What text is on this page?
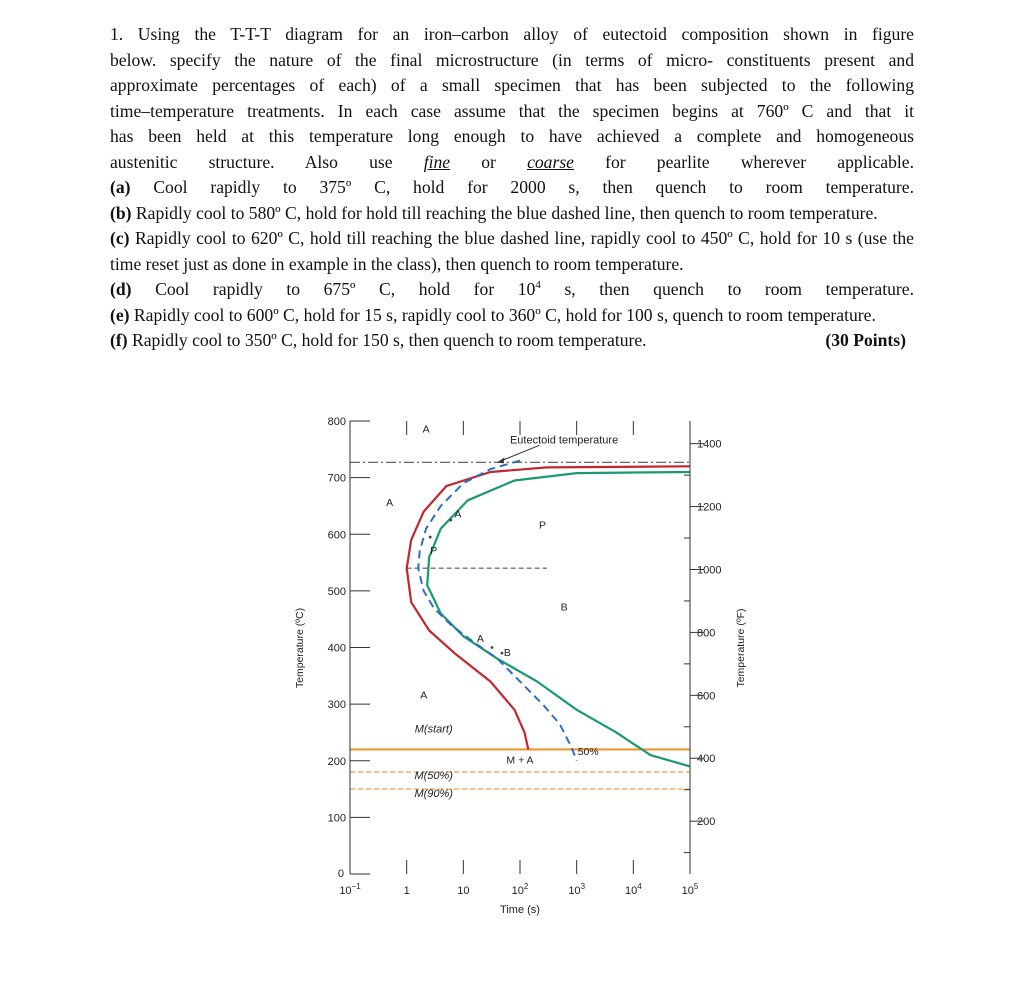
1. Using the T-T-T diagram for an iron–carbon alloy of eutectoid composition shown in figure

below. specify the nature of the final microstructure (in terms of micro- constituents present and

approximate percentages of each) of a small specimen that has been subjected to the following

time–temperature treatments. In each case assume that the specimen begins at 760º C and that it

has been held at this temperature long enough to have achieved a complete and homogeneous

austenitic structure. Also use fine or coarse for pearlite wherever applicable.

(a) Cool rapidly to 375º C, hold for 2000 s, then quench to room temperature.

(b) Rapidly cool to 580º C, hold for hold till reaching the blue dashed line, then quench to room temperature.

(c) Rapidly cool to 620º C, hold till reaching the blue dashed line, rapidly cool to 450º C, hold for 10 s (use the time reset just as done in example in the class), then quench to room temperature.

(d) Cool rapidly to 675º C, hold for $10^4$ s, then quench to room temperature.

(e) Rapidly cool to 600º C, hold for 15 s, rapidly cool to 360º C, hold for 100 s, quench to room temperature.

(f) Rapidly cool to 350º C, hold for 150 s, then quench to room temperature.	(30 Points)

0
100
200
300
400
500
600
700
800
200
400
600
800
1000
1200
1400
$10^{-1}$	1	10	$10^2$	$10^3$	$10^4$	$10^5$
A
Eutectoid temperature
A
P
P
A
B
A
B
A
M(start)
M + A
50%
M(50%)
M(90%)
Time (s)
Temperature (ºC)	Temperature (ºF)
